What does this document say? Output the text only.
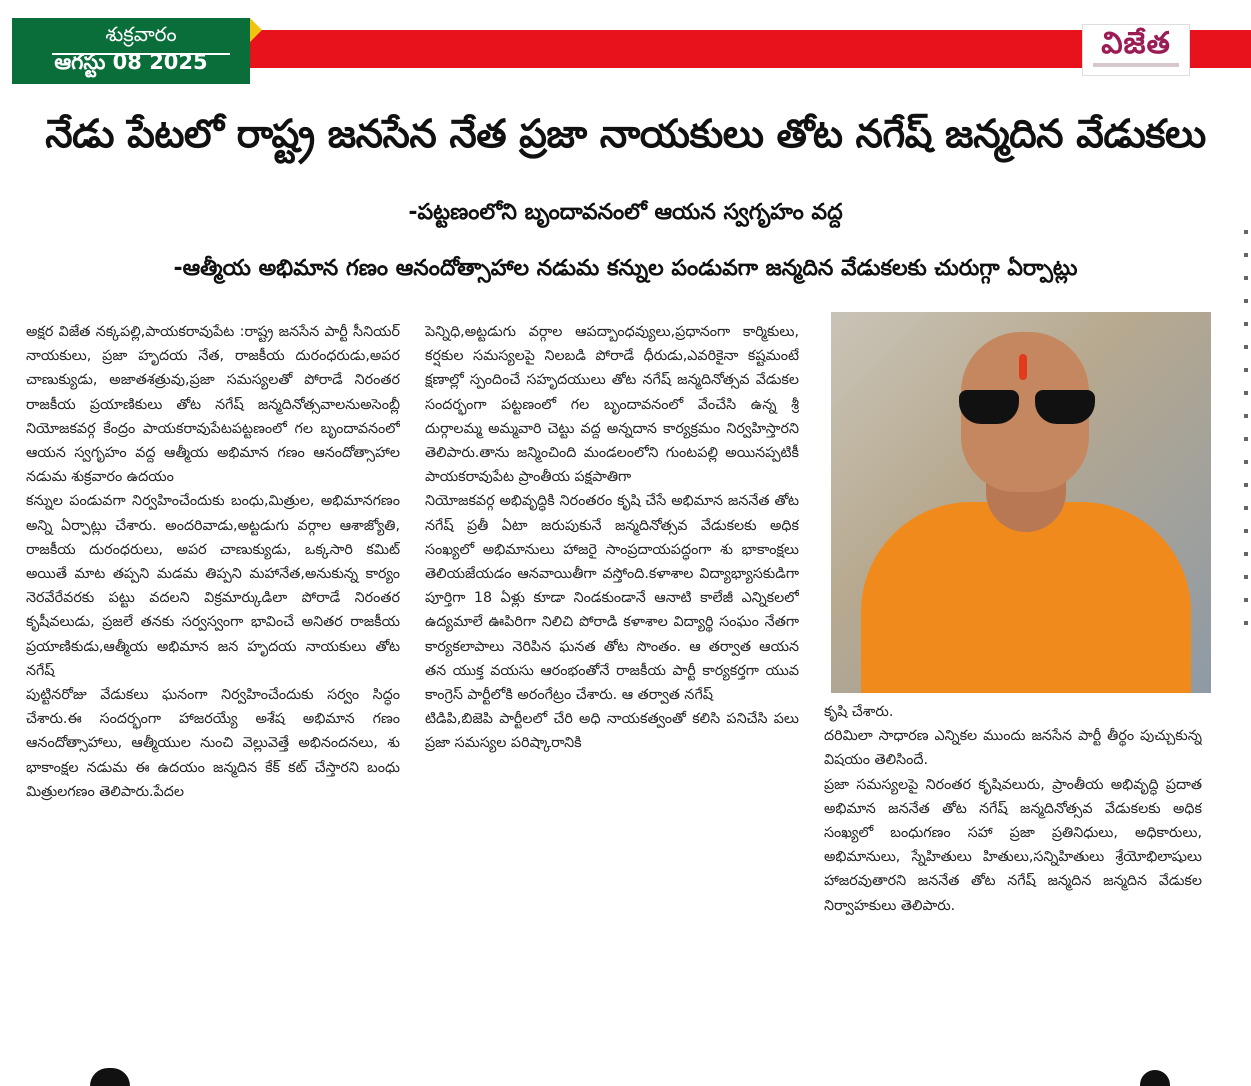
శుక్రవారం
ఆగస్టు 08 2025
విజేత
నేడు పేటలో రాష్ట్ర జనసేన నేత ప్రజా నాయకులు తోట నగేష్ జన్మదిన వేడుకలు
-పట్టణంలోని బృందావనంలో ఆయన స్వగృహం వద్ద
-ఆత్మీయ అభిమాన గణం ఆనందోత్సాహాల నడుమ కన్నుల పండువగా జన్మదిన వేడుకలకు చురుగ్గా ఏర్పాట్లు

అక్షర విజేత నక్కపల్లి,పాయకరావుపేట :రాష్ట్ర జనసేన పార్టీ సీనియర్ నాయకులు, ప్రజా హృదయ నేత, రాజకీయ దురంధరుడు,అపర చాణుక్యుడు, అజాతశత్రువు,ప్రజా సమస్యలతో పోరాడే నిరంతర రాజకీయ ప్రయాణికులు తోట నగేష్ జన్మదినోత్సవాలనుఅసెంబ్లీ నియోజకవర్గ కేంద్రం పాయకరావుపేటపట్టణంలో గల బృందావనంలో ఆయన స్వగృహం వద్ద ఆత్మీయ అభిమాన గణం ఆనందోత్సాహాల నడుమ శుక్రవారం ఉదయం

కన్నుల పండువగా నిర్వహించేందుకు బంధు,మిత్రుల, అభిమానగణం అన్ని ఏర్పాట్లు చేశారు. అందరివాడు,అట్టడుగు వర్గాల ఆశాజ్యోతి, రాజకీయ దురంధరులు, అపర చాణుక్యుడు, ఒక్కసారి కమిట్ అయితే మాట తప్పని మడమ తిప్పని మహానేత,అనుకున్న కార్యం నెరవేరేవరకు పట్టు వదలని విక్రమార్కుడిలా పోరాడే నిరంతర కృషీవలుడు, ప్రజలే తనకు సర్వస్వంగా భావించే అనితర రాజకీయ ప్రయాణికుడు,ఆత్మీయ అభిమాన జన హృదయ నాయకులు తోట నగేష్

పుట్టినరోజు వేడుకలు ఘనంగా నిర్వహించేందుకు సర్వం సిద్ధం చేశారు.ఈ సందర్భంగా హాజరయ్యే అశేష అభిమాన గణం ఆనందోత్సాహాలు, ఆత్మీయుల నుంచి వెల్లువెత్తే అభినందనలు, శు భాకాంక్షల నడుమ ఈ ఉదయం జన్మదిన కేక్ కట్ చేస్తారని బంధు మిత్రులగణం తెలిపారు.పేదల

పెన్నిధి,అట్టడుగు వర్గాల ఆపద్బాంధవ్యులు,ప్రధానంగా కార్మికులు, కర్షకుల సమస్యలపై నిలబడి పోరాడే ధీరుడు,ఎవరికైనా కష్టమంటే క్షణాల్లో స్పందించే సహృదయులు తోట నగేష్ జన్మదినోత్సవ వేడుకల సందర్భంగా పట్టణంలో గల బృందావనంలో వేంచేసి ఉన్న శ్రీ దుర్గాలమ్మ అమ్మవారి చెట్టు వద్ద అన్నదాన కార్యక్రమం నిర్వహిస్తారని తెలిపారు.తాను జన్మించింది మండలంలోని గుంటపల్లి అయినప్పటికీ పాయకరావుపేట ప్రాంతీయ పక్షపాతిగా

నియోజకవర్గ అభివృద్ధికి నిరంతరం కృషి చేసే అభిమాన జననేత తోట నగేష్ ప్రతీ ఏటా జరుపుకునే జన్మదినోత్సవ వేడుకలకు అధిక సంఖ్యలో అభిమానులు హాజరై సాంప్రదాయపద్ధంగా శు భాకాంక్షలు తెలియజేయడం ఆనవాయితీగా వస్తోంది.కళాశాల విద్యాభ్యాసకుడిగా పూర్తిగా 18 ఏళ్లు కూడా నిండకుండానే ఆనాటి కాలేజీ ఎన్నికలలో ఉద్యమాలే ఊపిరిగా నిలిచి పోరాడి కళాశాల విద్యార్థి సంఘం నేతగా కార్యకలాపాలు నెరిపిన ఘనత తోట సొంతం. ఆ తర్వాత ఆయన తన యుక్త వయసు ఆరంభంతోనే రాజకీయ పార్టీ కార్యకర్తగా యువ కాంగ్రెస్ పార్టీలోకి అరంగేట్రం చేశారు. ఆ తర్వాత నగేష్

టిడిపి,బిజెపి పార్టీలలో చేరి అధి నాయకత్వంతో కలిసి పనిచేసి పలు ప్రజా సమస్యల పరిష్కారానికి

కృషి చేశారు.

దరిమిలా సాధారణ ఎన్నికల ముందు జనసేన పార్టీ తీర్థం పుచ్చుకున్న విషయం తెలిసిందే.

ప్రజా సమస్యలపై నిరంతర కృషివలురు, ప్రాంతీయ అభివృద్ధి ప్రదాత అభిమాన జననేత తోట నగేష్ జన్మదినోత్సవ వేడుకలకు అధిక సంఖ్యలో బంధుగణం సహా ప్రజా ప్రతినిధులు, అధికారులు, అభిమానులు, స్నేహితులు హితులు,సన్నిహితులు శ్రేయోభిలాషులు హాజరవుతారని జననేత తోట నగేష్ జన్మదిన జన్మదిన వేడుకల నిర్వాహకులు తెలిపారు.
